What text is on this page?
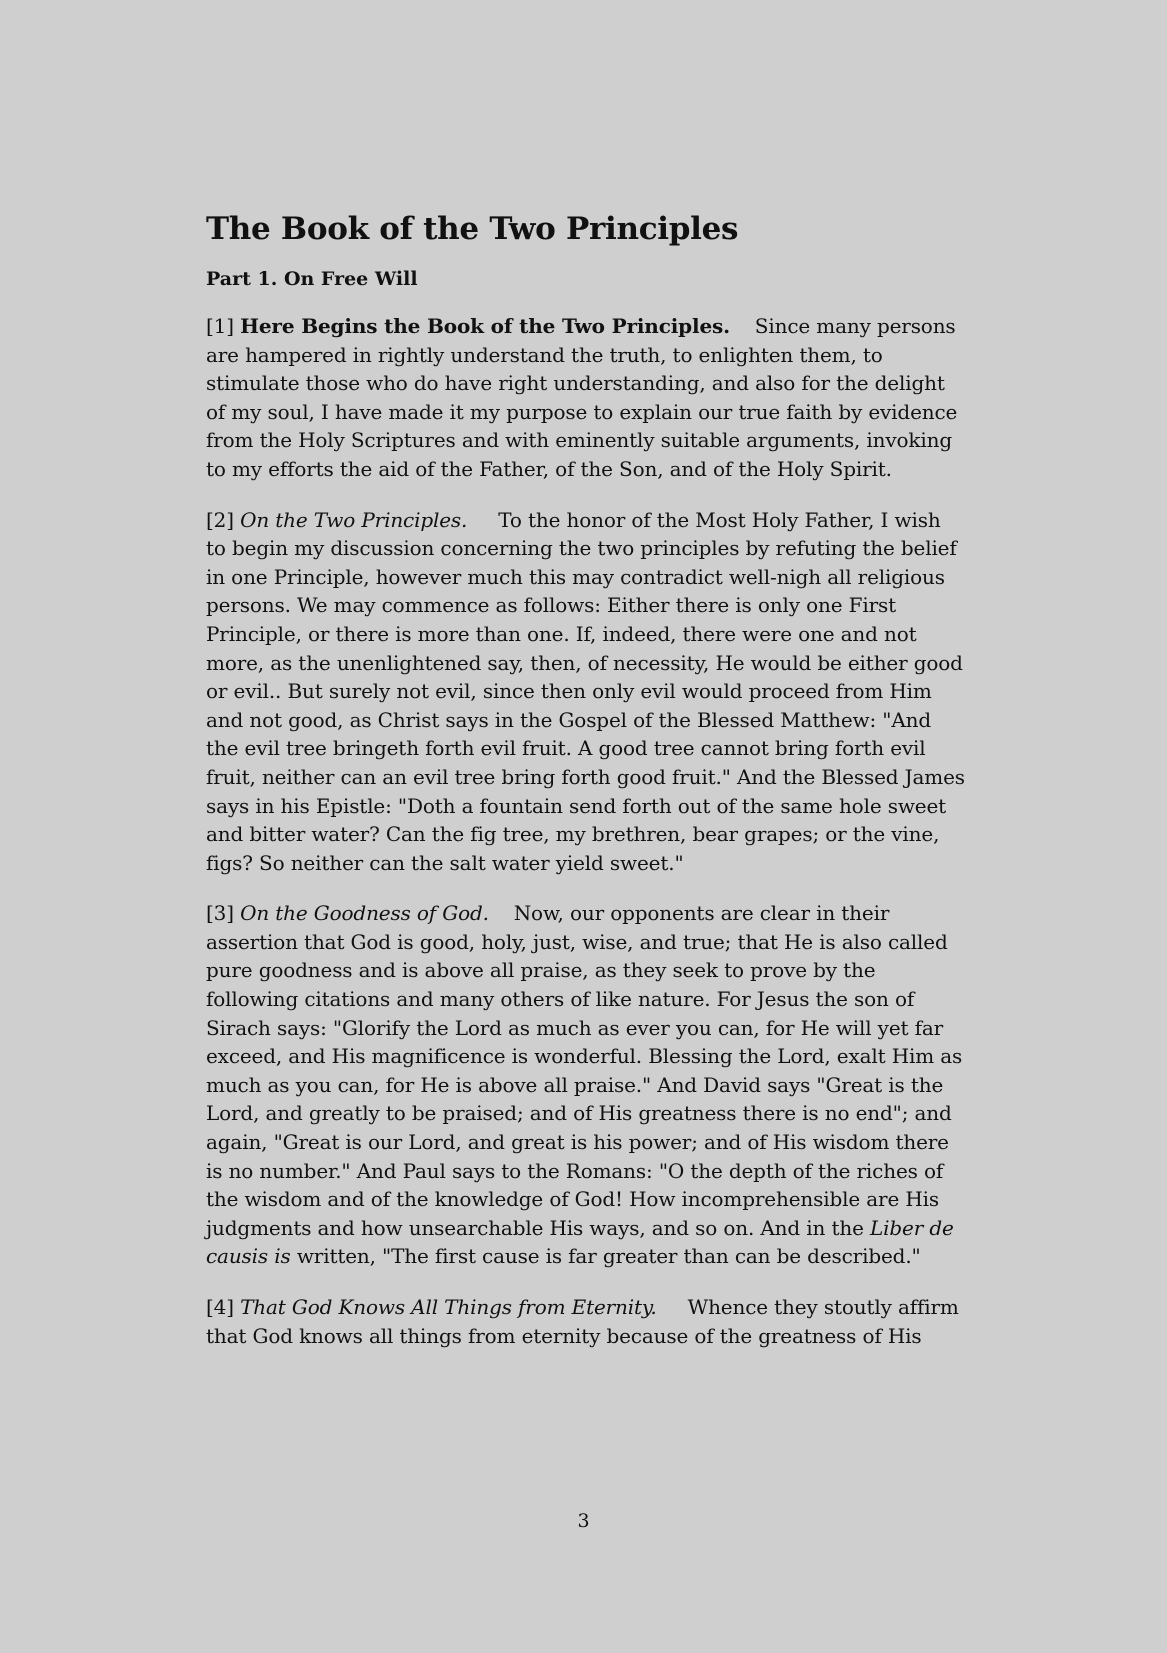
The Book of the Two Principles
Part 1. On Free Will

[1] Here Begins the Book of the Two Principles. Since many persons are hampered in rightly understand the truth, to enlighten them, to stimulate those who do have right understanding, and also for the delight of my soul, I have made it my purpose to explain our true faith by evidence from the Holy Scriptures and with eminently suitable arguments, invoking to my efforts the aid of the Father, of the Son, and of the Holy Spirit.

[2] On the Two Principles. To the honor of the Most Holy Father, I wish to begin my discussion concerning the two principles by refuting the belief in one Principle, however much this may contradict well-nigh all religious persons. We may commence as follows: Either there is only one First Principle, or there is more than one. If, indeed, there were one and not more, as the unenlightened say, then, of necessity, He would be either good or evil.. But surely not evil, since then only evil would proceed from Him and not good, as Christ says in the Gospel of the Blessed Matthew: "And the evil tree bringeth forth evil fruit. A good tree cannot bring forth evil fruit, neither can an evil tree bring forth good fruit." And the Blessed James says in his Epistle: "Doth a fountain send forth out of the same hole sweet and bitter water? Can the fig tree, my brethren, bear grapes; or the vine, figs? So neither can the salt water yield sweet."

[3] On the Goodness of God. Now, our opponents are clear in their assertion that God is good, holy, just, wise, and true; that He is also called pure goodness and is above all praise, as they seek to prove by the following citations and many others of like nature. For Jesus the son of Sirach says: "Glorify the Lord as much as ever you can, for He will yet far exceed, and His magnificence is wonderful. Blessing the Lord, exalt Him as much as you can, for He is above all praise." And David says "Great is the Lord, and greatly to be praised; and of His greatness there is no end"; and again, "Great is our Lord, and great is his power; and of His wisdom there is no number." And Paul says to the Romans: "O the depth of the riches of the wisdom and of the knowledge of God! How incomprehensible are His judgments and how unsearchable His ways, and so on. And in the Liber de causis is written, "The first cause is far greater than can be described."

[4] That God Knows All Things from Eternity. Whence they stoutly affirm that God knows all things from eternity because of the greatness of His

3
